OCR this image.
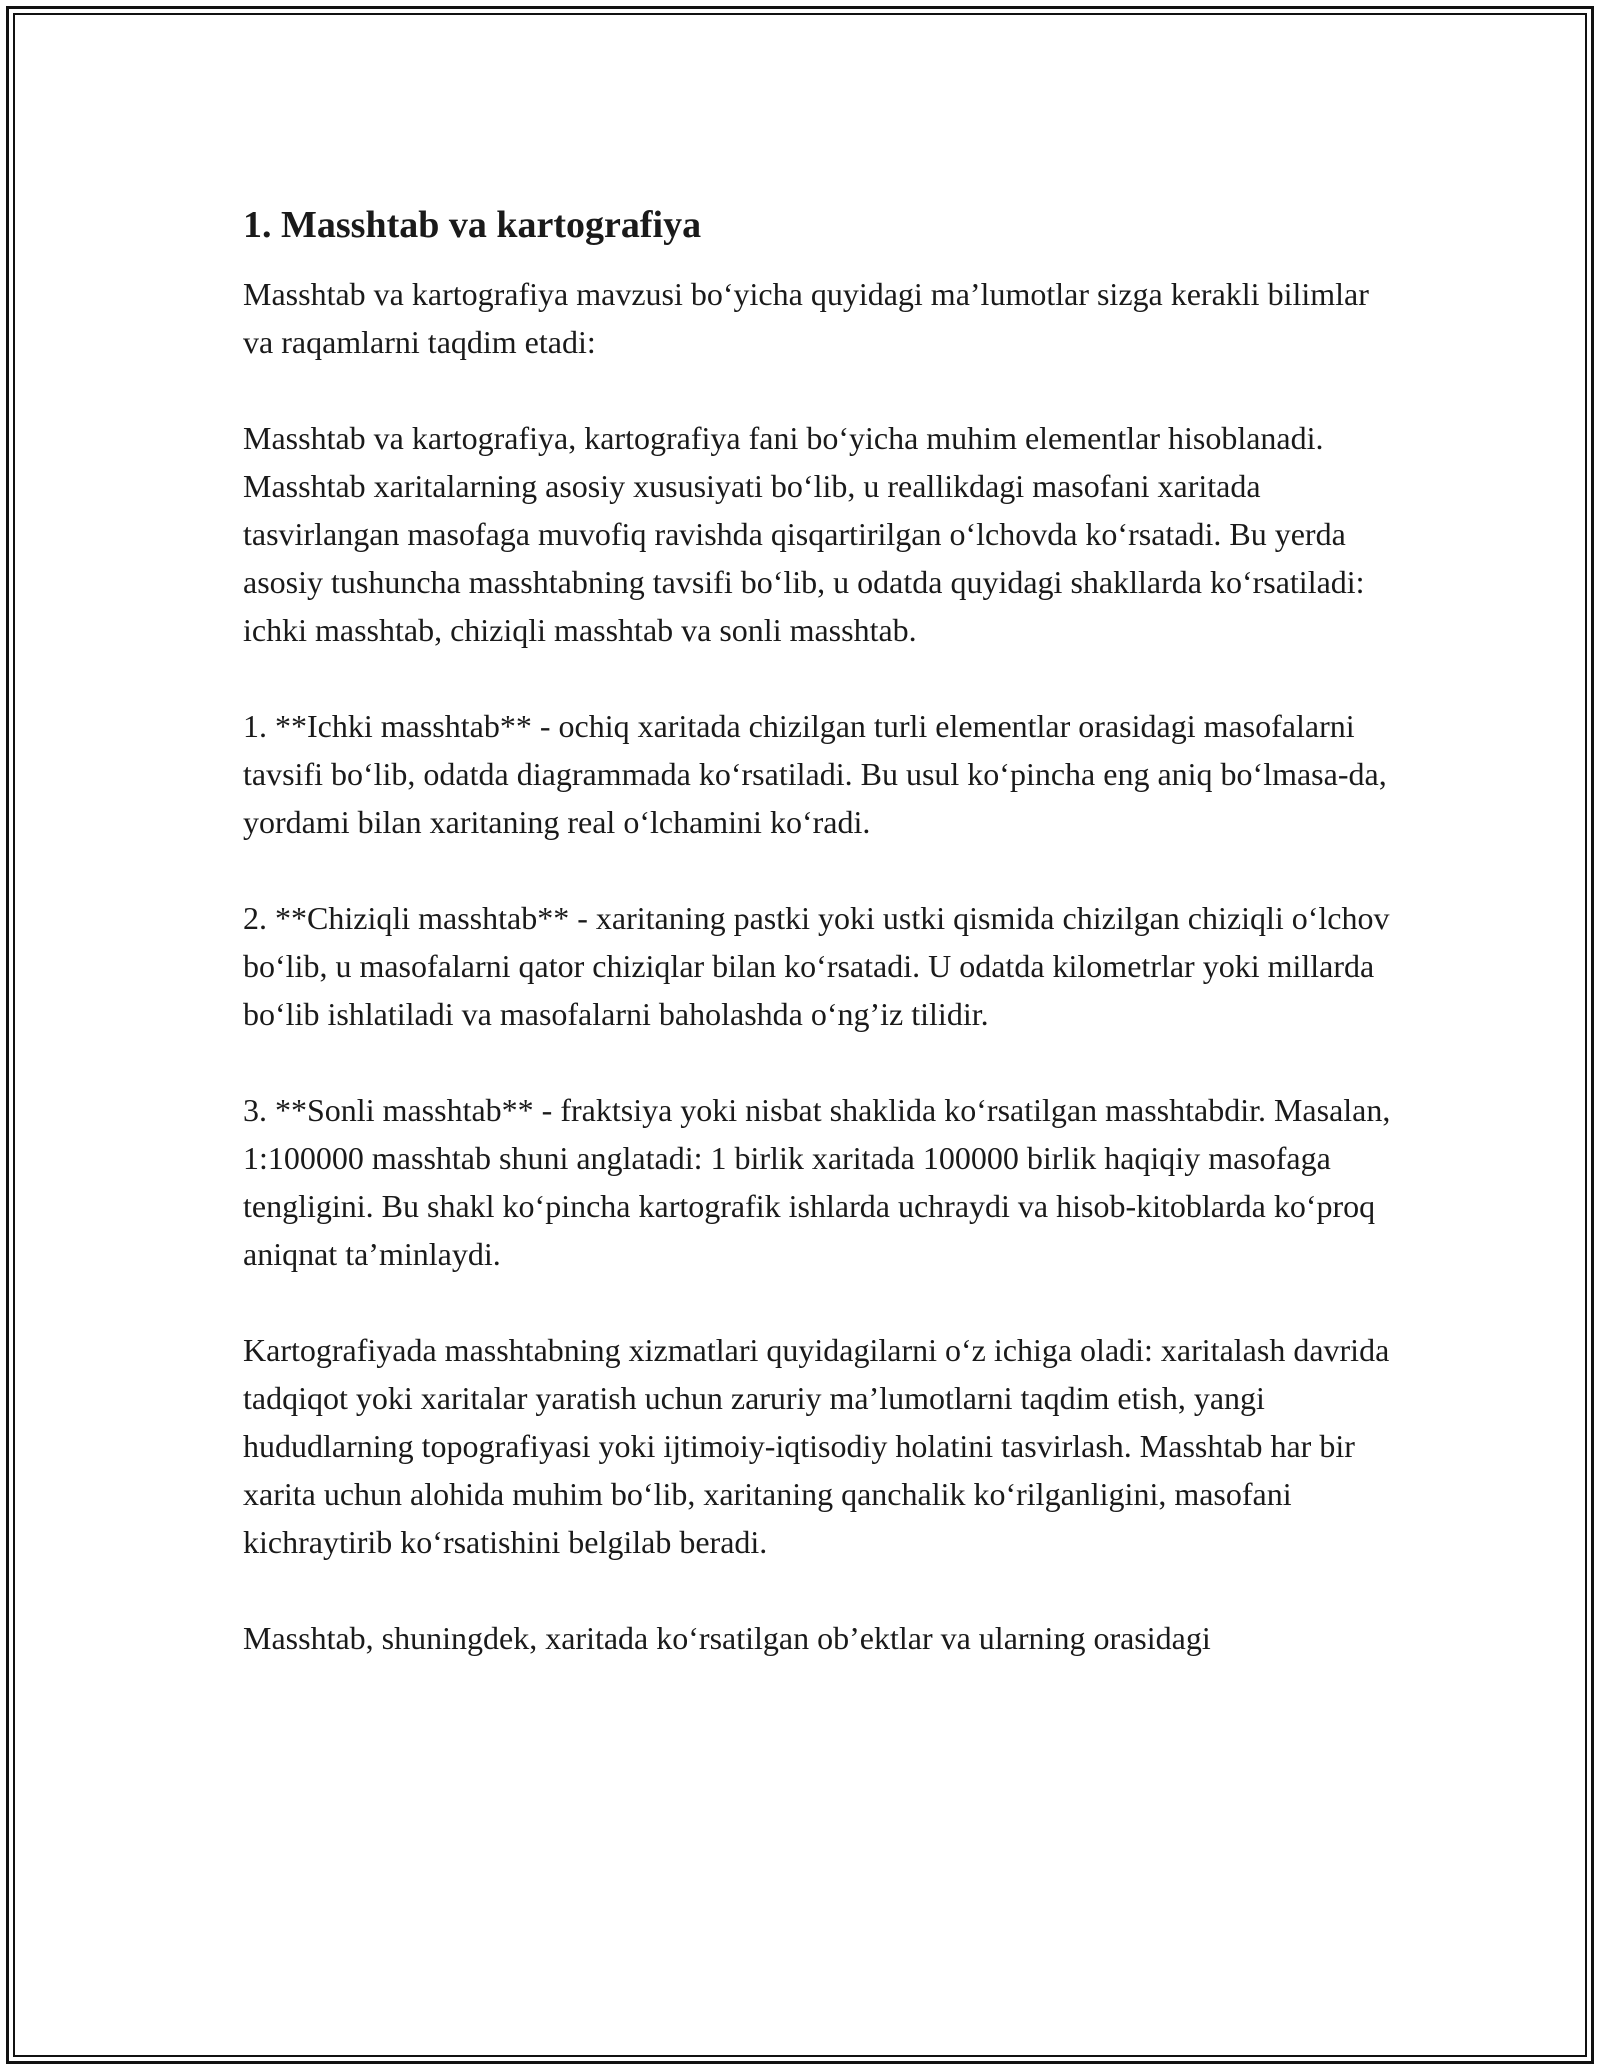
1. Masshtab va kartografiya

Masshtab va kartografiya mavzusi bo‘yicha quyidagi ma’lumotlar sizga kerakli bilimlar va raqamlarni taqdim etadi:

Masshtab va kartografiya, kartografiya fani bo‘yicha muhim elementlar hisoblanadi. Masshtab xaritalarning asosiy xususiyati bo‘lib, u reallikdagi masofani xaritada tasvirlangan masofaga muvofiq ravishda qisqartirilgan o‘lchovda ko‘rsatadi. Bu yerda asosiy tushuncha masshtabning tavsifi bo‘lib, u odatda quyidagi shakllarda ko‘rsatiladi: ichki masshtab, chiziqli masshtab va sonli masshtab.

1. **Ichki masshtab** - ochiq xaritada chizilgan turli elementlar orasidagi masofalarni tavsifi bo‘lib, odatda diagrammada ko‘rsatiladi. Bu usul ko‘pincha eng aniq bo‘lmasa-da, yordami bilan xaritaning real o‘lchamini ko‘radi.

2. **Chiziqli masshtab** - xaritaning pastki yoki ustki qismida chizilgan chiziqli o‘lchov bo‘lib, u masofalarni qator chiziqlar bilan ko‘rsatadi. U odatda kilometrlar yoki millarda bo‘lib ishlatiladi va masofalarni baholashda o‘ng’iz tilidir.

3. **Sonli masshtab** - fraktsiya yoki nisbat shaklida ko‘rsatilgan masshtabdir. Masalan, 1:100000 masshtab shuni anglatadi: 1 birlik xaritada 100000 birlik haqiqiy masofaga tengligini. Bu shakl ko‘pincha kartografik ishlarda uchraydi va hisob-kitoblarda ko‘proq aniqnat ta’minlaydi.

Kartografiyada masshtabning xizmatlari quyidagilarni o‘z ichiga oladi: xaritalash davrida tadqiqot yoki xaritalar yaratish uchun zaruriy ma’lumotlarni taqdim etish, yangi hududlarning topografiyasi yoki ijtimoiy-iqtisodiy holatini tasvirlash. Masshtab har bir xarita uchun alohida muhim bo‘lib, xaritaning qanchalik ko‘rilganligini, masofani kichraytirib ko‘rsatishini belgilab beradi.

Masshtab, shuningdek, xaritada ko‘rsatilgan ob’ektlar va ularning orasidagi
